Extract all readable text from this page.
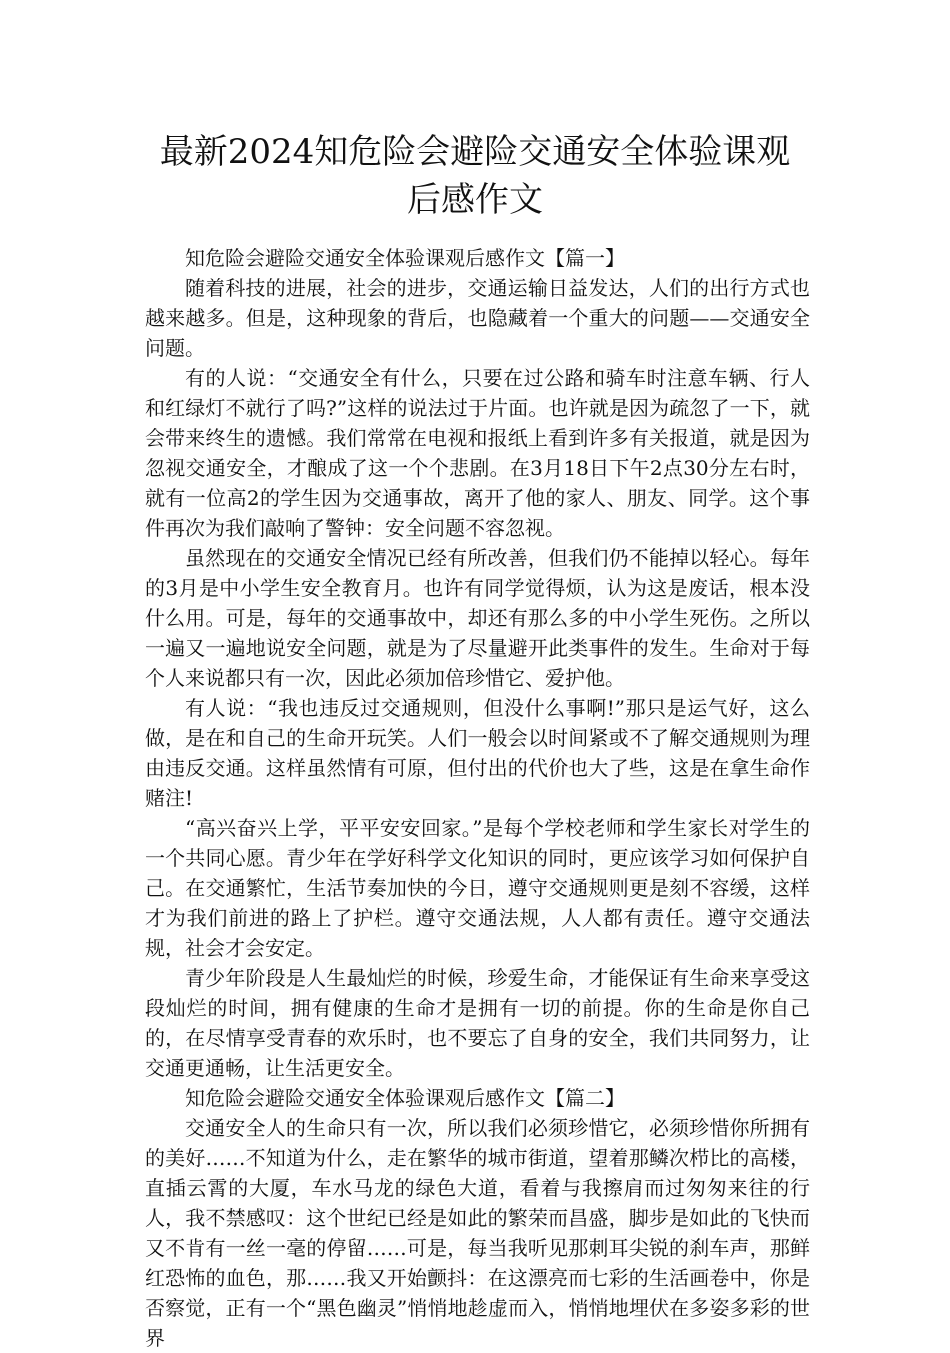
最新2024知危险会避险交通安全体验课观
后感作文

知危险会避险交通安全体验课观后感作文【篇一】

随着科技的进展，社会的进步，交通运输日益发达，人们的出行方式也越来越多。但是，这种现象的背后，也隐藏着一个重大的问题——交通安全问题。

有的人说：“交通安全有什么，只要在过公路和骑车时注意车辆、行人和红绿灯不就行了吗?”这样的说法过于片面。也许就是因为疏忽了一下，就会带来终生的遗憾。我们常常在电视和报纸上看到许多有关报道，就是因为忽视交通安全，才酿成了这一个个悲剧。在3月18日下午2点30分左右时，就有一位高2的学生因为交通事故，离开了他的家人、朋友、同学。这个事件再次为我们敲响了警钟：安全问题不容忽视。

虽然现在的交通安全情况已经有所改善，但我们仍不能掉以轻心。每年的3月是中小学生安全教育月。也许有同学觉得烦，认为这是废话，根本没什么用。可是，每年的交通事故中，却还有那么多的中小学生死伤。之所以一遍又一遍地说安全问题，就是为了尽量避开此类事件的发生。生命对于每个人来说都只有一次，因此必须加倍珍惜它、爱护他。

有人说：“我也违反过交通规则，但没什么事啊!”那只是运气好，这么做，是在和自己的生命开玩笑。人们一般会以时间紧或不了解交通规则为理由违反交通。这样虽然情有可原，但付出的代价也大了些，这是在拿生命作赌注!

“高兴奋兴上学，平平安安回家。”是每个学校老师和学生家长对学生的一个共同心愿。青少年在学好科学文化知识的同时，更应该学习如何保护自己。在交通繁忙，生活节奏加快的今日，遵守交通规则更是刻不容缓，这样才为我们前进的路上了护栏。遵守交通法规，人人都有责任。遵守交通法规，社会才会安定。

青少年阶段是人生最灿烂的时候，珍爱生命，才能保证有生命来享受这段灿烂的时间，拥有健康的生命才是拥有一切的前提。你的生命是你自己的，在尽情享受青春的欢乐时，也不要忘了自身的安全，我们共同努力，让交通更通畅，让生活更安全。

知危险会避险交通安全体验课观后感作文【篇二】

交通安全人的生命只有一次，所以我们必须珍惜它，必须珍惜你所拥有的美好……不知道为什么，走在繁华的城市街道，望着那鳞次栉比的高楼，直插云霄的大厦，车水马龙的绿色大道，看着与我擦肩而过匆匆来往的行人，我不禁感叹：这个世纪已经是如此的繁荣而昌盛，脚步是如此的飞快而又不肯有一丝一毫的停留……可是，每当我听见那刺耳尖锐的刹车声，那鲜红恐怖的血色，那……我又开始颤抖：在这漂亮而七彩的生活画卷中，你是否察觉，正有一个“黑色幽灵”悄悄地趁虚而入，悄悄地埋伏在多姿多彩的世界
